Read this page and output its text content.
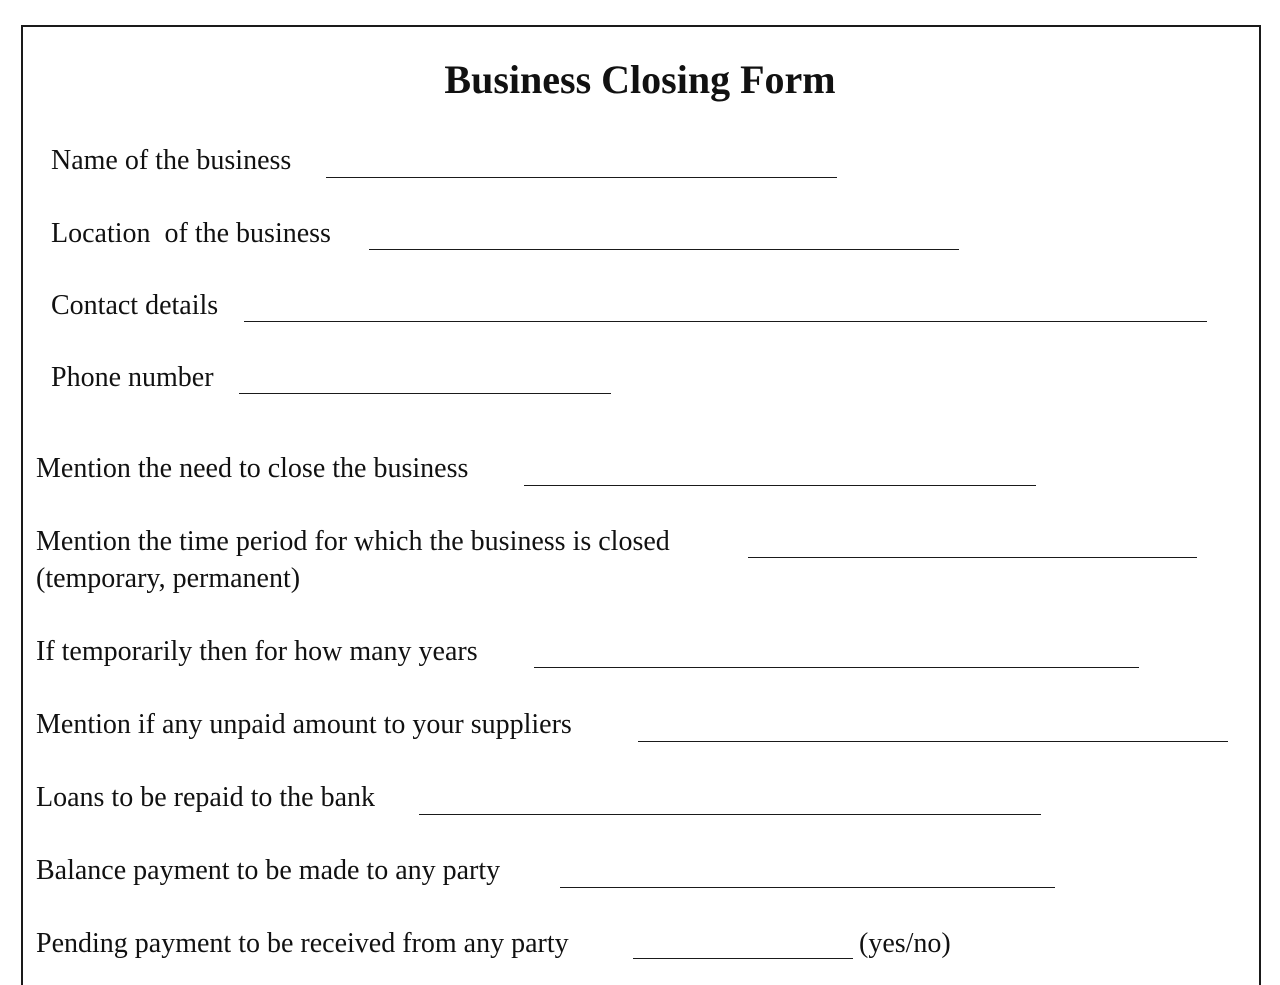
Business Closing Form
Name of the business
Location  of the business
Contact details
Phone number
Mention the need to close the business
Mention the time period for which the business is closed
(temporary, permanent)
If temporarily then for how many years
Mention if any unpaid amount to your suppliers
Loans to be repaid to the bank
Balance payment to be made to any party
Pending payment to be received from any party	(yes/no)
